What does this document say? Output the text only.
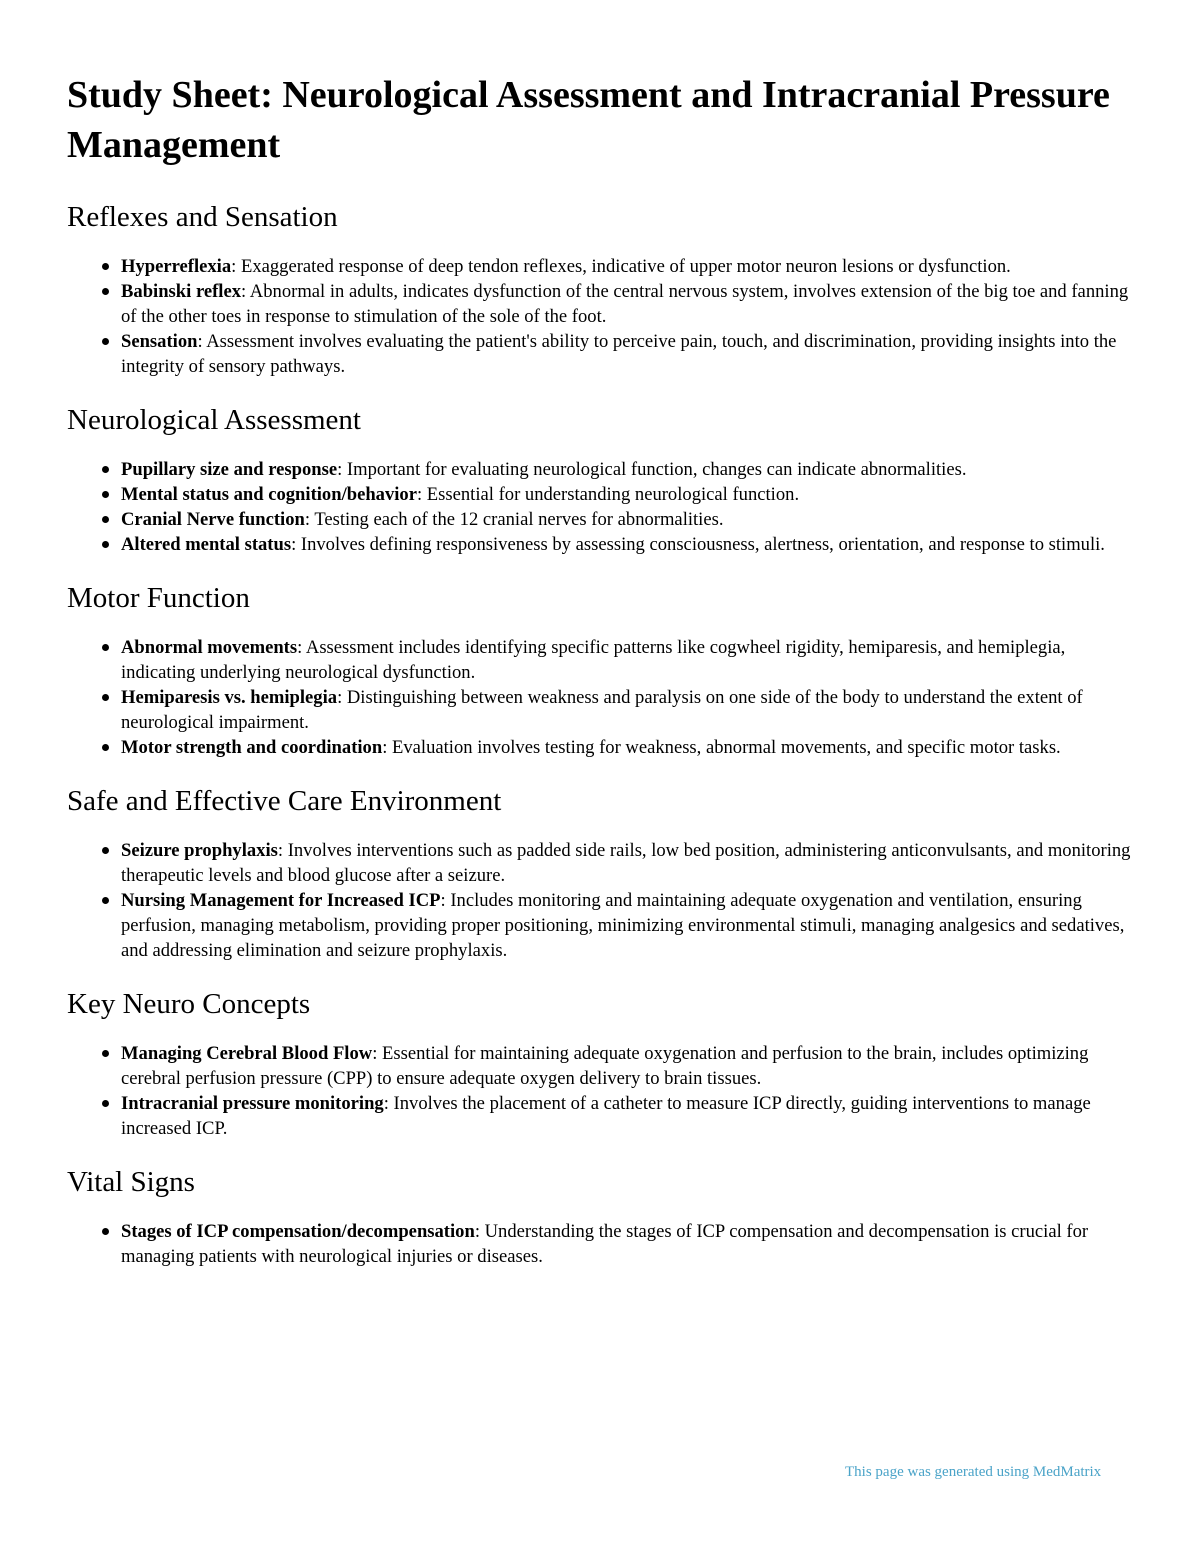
Study Sheet: Neurological Assessment and Intracranial Pressure Management
Reflexes and Sensation
Hyperreflexia: Exaggerated response of deep tendon reflexes, indicative of upper motor neuron lesions or dysfunction.
Babinski reflex: Abnormal in adults, indicates dysfunction of the central nervous system, involves extension of the big toe and fanning of the other toes in response to stimulation of the sole of the foot.
Sensation: Assessment involves evaluating the patient's ability to perceive pain, touch, and discrimination, providing insights into the integrity of sensory pathways.
Neurological Assessment
Pupillary size and response: Important for evaluating neurological function, changes can indicate abnormalities.
Mental status and cognition/behavior: Essential for understanding neurological function.
Cranial Nerve function: Testing each of the 12 cranial nerves for abnormalities.
Altered mental status: Involves defining responsiveness by assessing consciousness, alertness, orientation, and response to stimuli.
Motor Function
Abnormal movements: Assessment includes identifying specific patterns like cogwheel rigidity, hemiparesis, and hemiplegia, indicating underlying neurological dysfunction.
Hemiparesis vs. hemiplegia: Distinguishing between weakness and paralysis on one side of the body to understand the extent of neurological impairment.
Motor strength and coordination: Evaluation involves testing for weakness, abnormal movements, and specific motor tasks.
Safe and Effective Care Environment
Seizure prophylaxis: Involves interventions such as padded side rails, low bed position, administering anticonvulsants, and monitoring therapeutic levels and blood glucose after a seizure.
Nursing Management for Increased ICP: Includes monitoring and maintaining adequate oxygenation and ventilation, ensuring perfusion, managing metabolism, providing proper positioning, minimizing environmental stimuli, managing analgesics and sedatives, and addressing elimination and seizure prophylaxis.
Key Neuro Concepts
Managing Cerebral Blood Flow: Essential for maintaining adequate oxygenation and perfusion to the brain, includes optimizing cerebral perfusion pressure (CPP) to ensure adequate oxygen delivery to brain tissues.
Intracranial pressure monitoring: Involves the placement of a catheter to measure ICP directly, guiding interventions to manage increased ICP.
Vital Signs
Stages of ICP compensation/decompensation: Understanding the stages of ICP compensation and decompensation is crucial for managing patients with neurological injuries or diseases.
This page was generated using MedMatrix
